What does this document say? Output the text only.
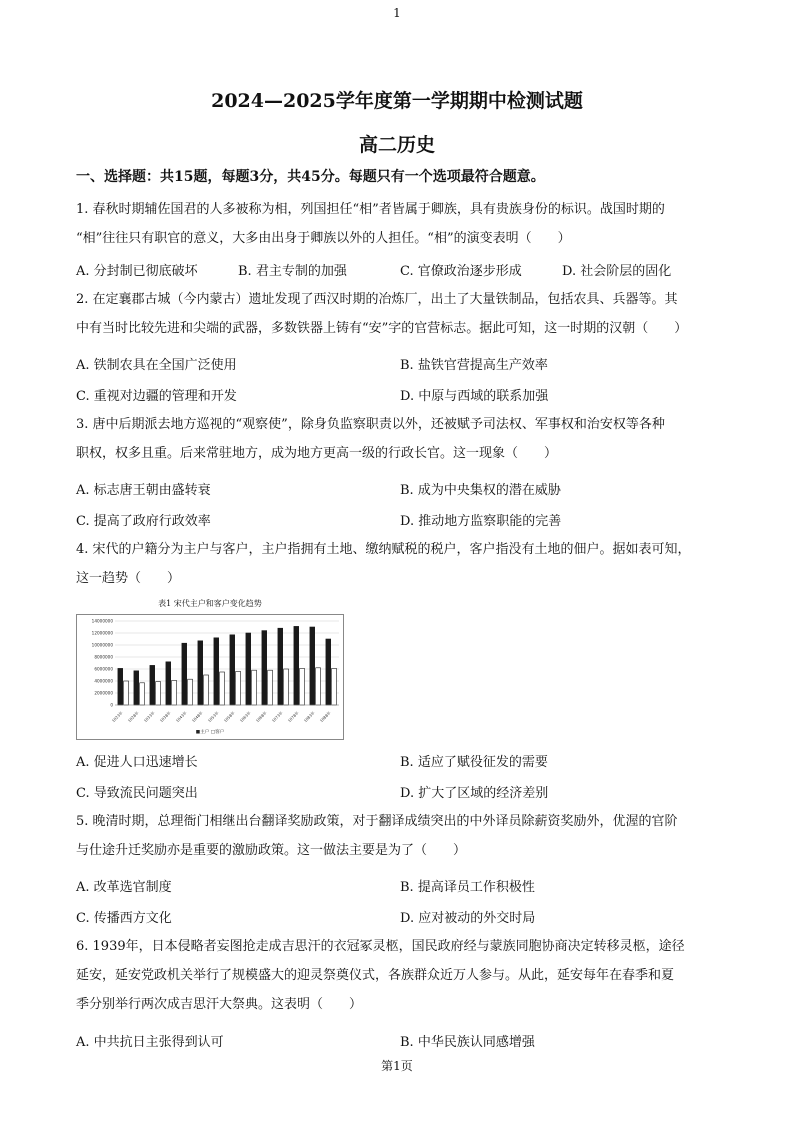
1
2024—2025学年度第一学期期中检测试题
高二历史
一、选择题：共15题，每题3分，共45分。每题只有一个选项最符合题意。
1. 春秋时期辅佐国君的人多被称为相，列国担任“相”者皆属于卿族，具有贵族身份的标识。战国时期的
“相”往往只有职官的意义，大多由出身于卿族以外的人担任。“相”的演变表明（　　）
A. 分封制已彻底破坏	B. 君主专制的加强	C. 官僚政治逐步形成	D. 社会阶层的固化
2. 在定襄郡古城（今内蒙古）遗址发现了西汉时期的冶炼厂，出土了大量铁制品，包括农具、兵器等。其
中有当时比较先进和尖端的武器，多数铁器上铸有“安”字的官营标志。据此可知，这一时期的汉朝（　　）
A. 铁制农具在全国广泛使用	B. 盐铁官营提高生产效率
C. 重视对边疆的管理和开发	D. 中原与西域的联系加强
3. 唐中后期派去地方巡视的“观察使”，除身负监察职责以外，还被赋予司法权、军事权和治安权等各种
职权，权多且重。后来常驻地方，成为地方更高一级的行政长官。这一现象（　　）
A. 标志唐王朝由盛转衰	B. 成为中央集权的潜在威胁
C. 提高了政府行政效率	D. 推动地方监察职能的完善
4. 宋代的户籍分为主户与客户，主户指拥有土地、缴纳赋税的税户，客户指没有土地的佃户。据如表可知，
这一趋势（　　）
表1 宋代主户和客户变化趋势
0
2000000
4000000
6000000
8000000
10000000
12000000
14000000
1023年 1028年 1033年 1038年 1043年 1048年 1053年 1058年 1063年 1068年 1073年 1078年 1083年 1088年
■主户 □客户
A. 促进人口迅速增长	B. 适应了赋役征发的需要
C. 导致流民问题突出	D. 扩大了区域的经济差别
5. 晚清时期，总理衙门相继出台翻译奖励政策，对于翻译成绩突出的中外译员除薪资奖励外，优渥的官阶
与仕途升迁奖励亦是重要的激励政策。这一做法主要是为了（　　）
A. 改革选官制度	B. 提高译员工作积极性
C. 传播西方文化	D. 应对被动的外交时局
6. 1939年，日本侵略者妄图抢走成吉思汗的衣冠冢灵柩，国民政府经与蒙族同胞协商决定转移灵柩，途径
延安，延安党政机关举行了规模盛大的迎灵祭奠仪式，各族群众近万人参与。从此，延安每年在春季和夏
季分别举行两次成吉思汗大祭典。这表明（　　）
A. 中共抗日主张得到认可	B. 中华民族认同感增强
第1页
